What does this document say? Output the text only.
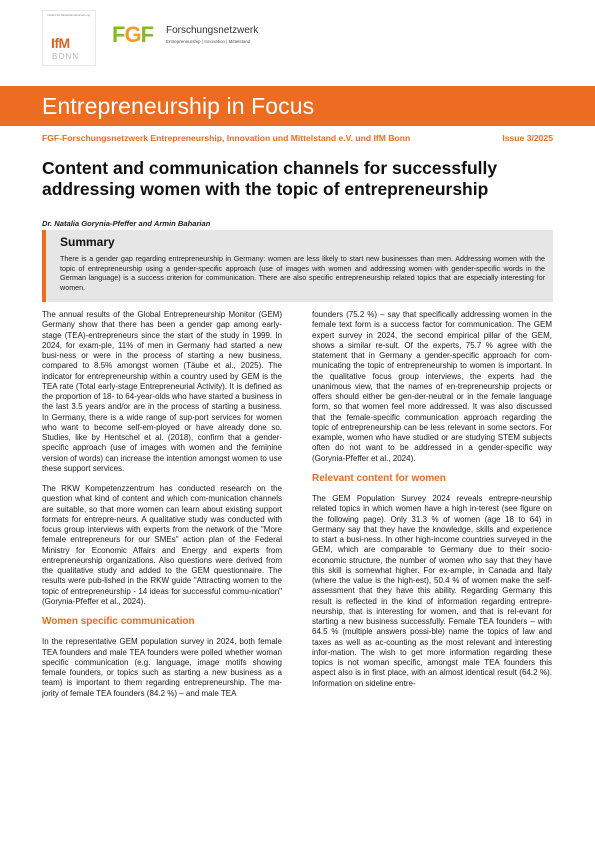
Institut für Mittelstandsforschung
IfM
BONN
FGF Forschungsnetzwerk
Entrepreneurship | Innovation | Mittelstand
Entrepreneurship in Focus
FGF-Forschungsnetzwerk Entrepreneurship, Innovation und Mittelstand e.V. und IfM Bonn	Issue 3/2025
Content and communication channels for successfully addressing women with the topic of entrepreneurship
Dr. Natalia Gorynia-Pfeffer and Armin Baharian
Summary

There is a gender gap regarding entrepreneurship in Germany: women are less likely to start new businesses than men. Addressing women with the topic of entrepreneurship using a gender-specific approach (use of images with women and addressing women with gender-specific words in the German language) is a success criterion for communication. There are also specific entrepreneurship related topics that are especially interesting for women.

The annual results of the Global Entrepreneurship Monitor (GEM) Germany show that there has been a gender gap among early-stage (TEA)-entrepreneurs since the start of the study in 1999. In 2024, for exam-ple, 11% of men in Germany had started a new busi-ness or were in the process of starting a new business, compared to 8.5% amongst women (Täube et al., 2025). The indicator for entrepreneurship within a country used by GEM is the TEA rate (Total early-stage Entrepreneurial Activity). It is defined as the proportion of 18- to 64-year-olds who have started a business in the last 3.5 years and/or are in the process of starting a business. In Germany, there is a wide range of sup-port services for women who want to become self-em-ployed or have already done so. Studies, like by Hentschel et al. (2018), confirm that a gender-specific approach (use of images with women and the feminine version of words) can increase the intention amongst women to use these support services.

The RKW Kompetenzzentrum has conducted research on the question what kind of content and which com-munication channels are suitable, so that more women can learn about existing support formats for entrepre-neurs. A qualitative study was conducted with focus group interviews with experts from the network of the "More female entrepreneurs for our SMEs" action plan of the Federal Ministry for Economic Affairs and Energy and experts from entrepreneurship organizations. Also questions were derived from the qualitative study and added to the GEM questionnaire. The results were pub-lished in the RKW guide "Attracting women to the topic of entrepreneurship - 14 ideas for successful commu-nication" (Gorynia-Pfeffer et al., 2024).

Women specific communication

In the representative GEM population survey in 2024, both female TEA founders and male TEA founders were polled whether woman specific communication (e.g. language, image motifs showing female founders, or topics such as starting a new business as a team) is important to them regarding entrepreneurship. The ma-jority of female TEA founders (84.2 %) – and male TEA

founders (75.2 %) – say that specifically addressing women in the female text form is a success factor for communication. The GEM expert survey in 2024, the second empirical pillar of the GEM, shows a similar re-sult. Of the experts, 75.7 % agree with the statement that in Germany a gender-specific approach for com-municating the topic of entrepreneurship to women is important. In the qualitative focus group interviews, the experts had the unanimous view, that the names of en-trepreneurship projects or offers should either be gen-der-neutral or in the female language form, so that women feel more addressed. It was also discussed that the female-specific communication approach regarding the topic of entrepreneurship can be less relevant in some sectors. For example, women who have studied or are studying STEM subjects often do not want to be addressed in a gender-specific way (Gorynia-Pfeffer et al., 2024).

Relevant content for women

The GEM Population Survey 2024 reveals entrepre-neurship related topics in which women have a high in-terest (see figure on the following page). Only 31.3 % of women (age 18 to 64) in Germany say that they have the knowledge, skills and experience to start a busi-ness. In other high-income countries surveyed in the GEM, which are comparable to Germany due to their socio-economic structure, the number of women who say that they have this skill is somewhat higher. For ex-ample, in Canada and Italy (where the value is the high-est), 50.4 % of women make the self-assessment that they have this ability. Regarding Germany this result is reflected in the kind of information regarding entrepre-neurship, that is interesting for women, and that is rel-evant for starting a new business successfully. Female TEA founders – with 64.5 % (multiple answers possi-ble) name the topics of law and taxes as well as ac-counting as the most relevant and interesting infor-mation. The wish to get more information regarding these topics is not woman specific, amongst male TEA founders this aspect also is in first place, with an almost identical result (64.2 %). Information on sideline entre-
